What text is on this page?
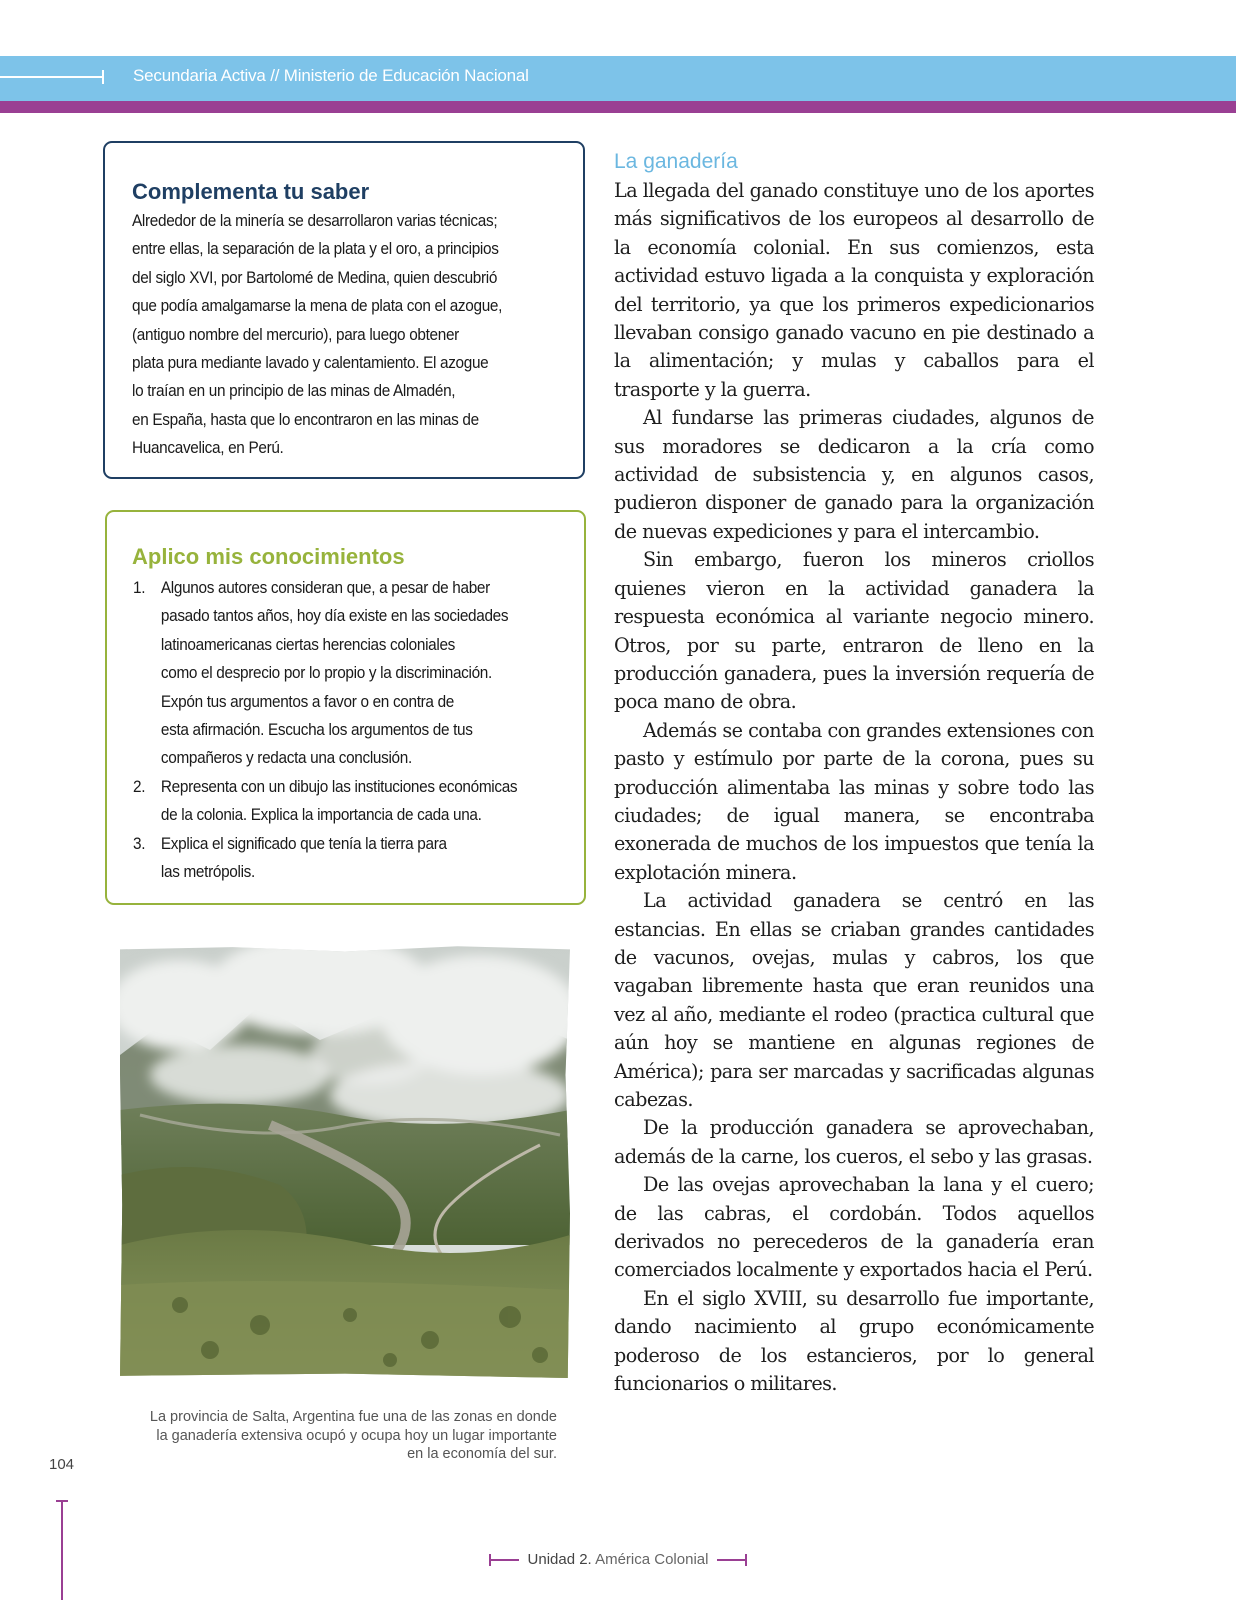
Secundaria Activa // Ministerio de Educación Nacional
Complementa tu saber
Alrededor de la minería se desarrollaron varias técnicas;
entre ellas, la separación de la plata y el oro, a principios
del siglo XVI, por Bartolomé de Medina, quien descubrió
que podía amalgamarse la mena de plata con el azogue,
(antiguo nombre del mercurio), para luego obtener
plata pura mediante lavado y calentamiento. El azogue
lo traían en un principio de las minas de Almadén,
en España, hasta que lo encontraron en las minas de
Huancavelica, en Perú.
Aplico mis conocimientos
1. Algunos autores consideran que, a pesar de haber
pasado tantos años, hoy día existe en las sociedades
latinoamericanas ciertas herencias coloniales
como el desprecio por lo propio y la discriminación.
Expón tus argumentos a favor o en contra de
esta afirmación. Escucha los argumentos de tus
compañeros y redacta una conclusión.
2. Representa con un dibujo las instituciones económicas
de la colonia. Explica la importancia de cada una.
3. Explica el significado que tenía la tierra para
las metrópolis.
La provincia de Salta, Argentina fue una de las zonas en donde
la ganadería extensiva ocupó y ocupa hoy un lugar importante
en la economía del sur.
La ganadería

La llegada del ganado constituye uno de los aportes más significativos de los europeos al desarrollo de la economía colonial. En sus comienzos, esta actividad estuvo ligada a la conquista y exploración del territorio, ya que los primeros expedicionarios llevaban consigo ganado vacuno en pie destinado a la alimentación; y mulas y caballos para el trasporte y la guerra.

Al fundarse las primeras ciudades, algunos de sus moradores se dedicaron a la cría como actividad de subsistencia y, en algunos casos, pudieron disponer de ganado para la organización de nuevas expediciones y para el intercambio.

Sin embargo, fueron los mineros criollos quienes vieron en la actividad ganadera la respuesta económica al variante negocio minero. Otros, por su parte, entraron de lleno en la producción ganadera, pues la inversión requería de poca mano de obra.

Además se contaba con grandes extensiones con pasto y estímulo por parte de la corona, pues su producción alimentaba las minas y sobre todo las ciudades; de igual manera, se encontraba exonerada de muchos de los impuestos que tenía la explotación minera.

La actividad ganadera se centró en las estancias. En ellas se criaban grandes cantidades de vacunos, ovejas, mulas y cabros, los que vagaban libremente hasta que eran reunidos una vez al año, mediante el rodeo (practica cultural que aún hoy se mantiene en algunas regiones de América); para ser marcadas y sacrificadas algunas cabezas.

De la producción ganadera se aprovechaban, además de la carne, los cueros, el sebo y las grasas.

De las ovejas aprovechaban la lana y el cuero; de las cabras, el cordobán. Todos aquellos derivados no perecederos de la ganadería eran comerciados localmente y exportados hacia el Perú.

En el siglo XVIII, su desarrollo fue importante, dando nacimiento al grupo económicamente poderoso de los estancieros, por lo general funcionarios o militares.

104
Unidad 2. América Colonial
